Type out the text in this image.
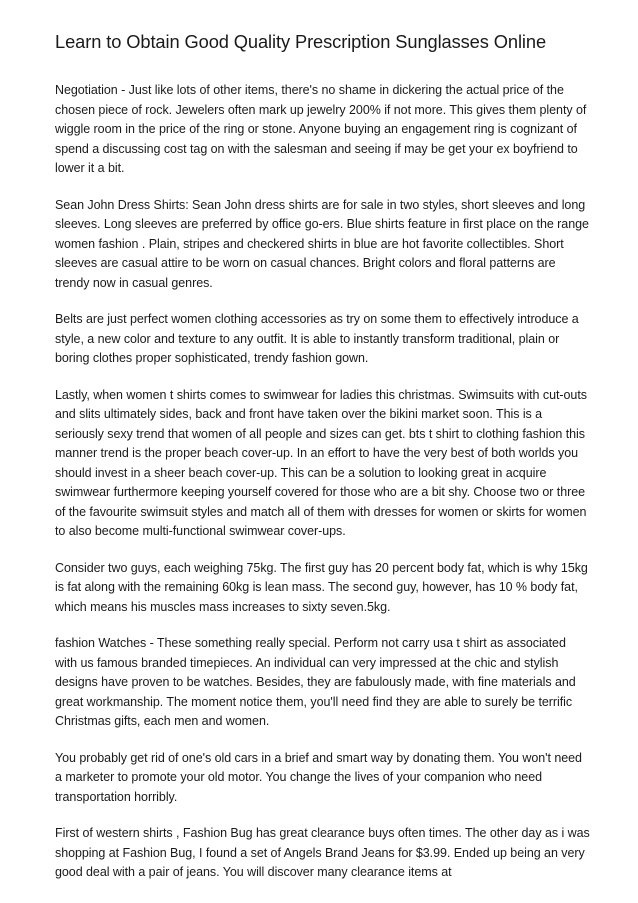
Learn to Obtain Good Quality Prescription Sunglasses Online

Negotiation - Just like lots of other items, there's no shame in dickering the actual price of the chosen piece of rock. Jewelers often mark up jewelry 200% if not more. This gives them plenty of wiggle room in the price of the ring or stone. Anyone buying an engagement ring is cognizant of spend a discussing cost tag on with the salesman and seeing if may be get your ex boyfriend to lower it a bit.

Sean John Dress Shirts: Sean John dress shirts are for sale in two styles, short sleeves and long sleeves. Long sleeves are preferred by office go-ers. Blue shirts feature in first place on the range women fashion . Plain, stripes and checkered shirts in blue are hot favorite collectibles. Short sleeves are casual attire to be worn on casual chances. Bright colors and floral patterns are trendy now in casual genres.

Belts are just perfect women clothing accessories as try on some them to effectively introduce a style, a new color and texture to any outfit. It is able to instantly transform traditional, plain or boring clothes proper sophisticated, trendy fashion gown.

Lastly, when women t shirts comes to swimwear for ladies this christmas. Swimsuits with cut-outs and slits ultimately sides, back and front have taken over the bikini market soon. This is a seriously sexy trend that women of all people and sizes can get. bts t shirt to clothing fashion this manner trend is the proper beach cover-up. In an effort to have the very best of both worlds you should invest in a sheer beach cover-up. This can be a solution to looking great in acquire swimwear furthermore keeping yourself covered for those who are a bit shy. Choose two or three of the favourite swimsuit styles and match all of them with dresses for women or skirts for women to also become multi-functional swimwear cover-ups.

Consider two guys, each weighing 75kg. The first guy has 20 percent body fat, which is why 15kg is fat along with the remaining 60kg is lean mass. The second guy, however, has 10 % body fat, which means his muscles mass increases to sixty seven.5kg.

fashion Watches - These something really special. Perform not carry usa t shirt as associated with us famous branded timepieces. An individual can very impressed at the chic and stylish designs have proven to be watches. Besides, they are fabulously made, with fine materials and great workmanship. The moment notice them, you'll need find they are able to surely be terrific Christmas gifts, each men and women.

You probably get rid of one's old cars in a brief and smart way by donating them. You won't need a marketer to promote your old motor. You change the lives of your companion who need transportation horribly.

First of western shirts , Fashion Bug has great clearance buys often times. The other day as i was shopping at Fashion Bug, I found a set of Angels Brand Jeans for $3.99. Ended up being an very good deal with a pair of jeans. You will discover many clearance items at
